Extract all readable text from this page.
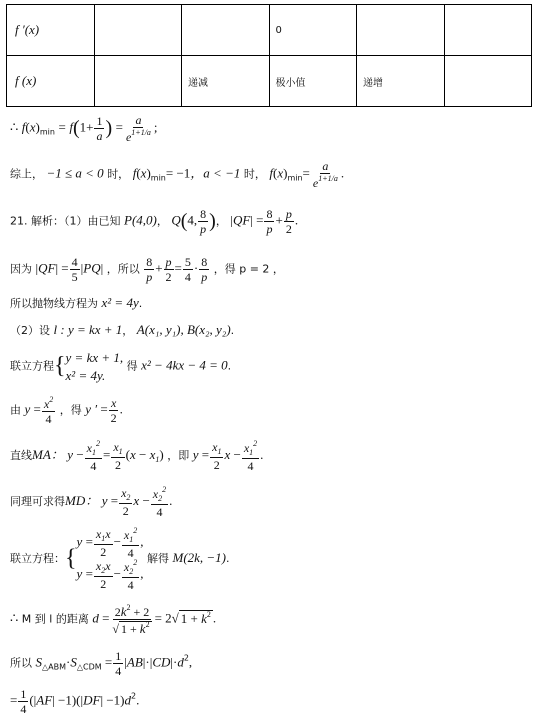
f ′(x)			0		
f (x)		递减	极小值	递增	
∴ $f(x)_{min} = f(1+ \frac{1}{a}$ ) = $\frac{a}{e^{1+1/a}}$ ;
综上， −1 ≤ a < 0 时， $f(x)_{min}= -1$，a < −1 时， $f(x)_{min}= \frac{a}{e^{1+1/a}}$ .
21. 解析：（1）由已知 P(4,0)， Q(4, $\frac{8}{p}$ )， $|QF| = \frac{8}{p} + \frac{p}{2}$ .
因为 $|QF| = \frac{4}{5} |PQ|$ ，所以 $\frac{8}{p} + \frac{p}{2} = \frac{5}{4} \cdot \frac{8}{p}$ ，得 p = 2 ，
所以抛物线方程为 x² = 4y.
（2）设 l : y = kx + 1， A(x₁, y₁), B(x₂, y₂).
联立方程{ y = kx + 1,
x² = 4y.
得 x² − 4kx − 4 = 0.
由 $y = \frac{x^2}{4}$ ，得 y ′ = $\frac{x}{2}$ .
直线MA： $y - \frac{x_1^2}{4} = \frac{x_1}{2} (x - x_1)$ ，即 $y = \frac{x_1}{2}$ $x - \frac{x_1^2}{4}$ .
同理可求得MD： $y = \frac{x_2}{2}$ $x - \frac{x_2^2}{4}$ .
联立方程：{
$y = \frac{x_1x}{2} - \frac{x_1^2}{4}$ ,
$y = \frac{x_2x}{2} - \frac{x_2^2}{4}$ ,
解得 M(2k, −1).
∴ M 到 l 的距离 $d = \frac{2k^2 + 2}{√ 1 + k^2} = 2√$ $1 + k^2$ .
所以 $S_{\triangle ABM}\cdot S_{\triangle CDM} = \frac{1}{4} |AB|\cdot|CD|\cdot d^2$,
= $\frac{1}{4} (|AF| -1)(|DF| -1)d^2$.
